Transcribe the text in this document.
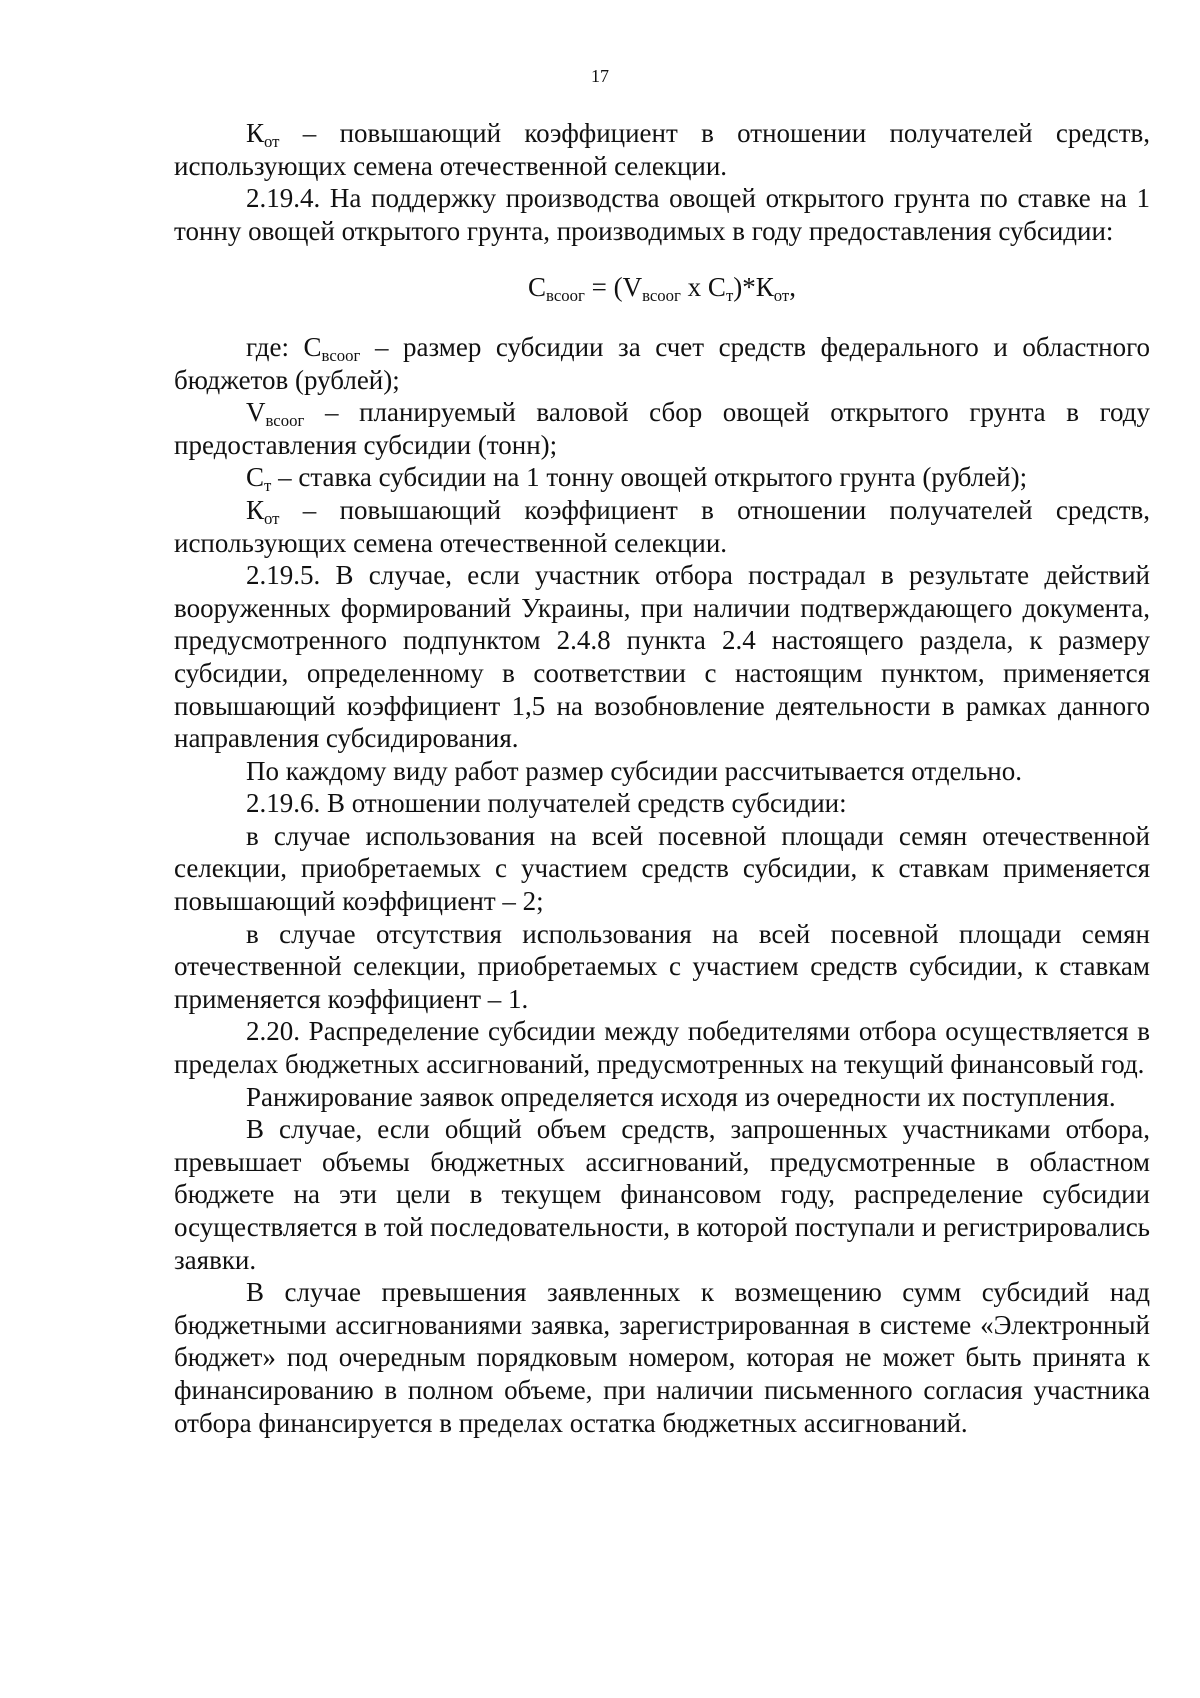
17

$К_{от}$ – повышающий коэффициент в отношении получателей средств, использующих семена отечественной селекции.

2.19.4. На поддержку производства овощей открытого грунта по ставке на 1 тонну овощей открытого грунта, производимых в году предоставления субсидии:

$С_{всоог} = (V_{всоог}$ х $С_т)*К_{от}$,

где: $С_{всоог}$ – размер субсидии за счет средств федерального и областного бюджетов (рублей);

$V_{всоог}$ – планируемый валовой сбор овощей открытого грунта в году предоставления субсидии (тонн);

$С_т$ – ставка субсидии на 1 тонну овощей открытого грунта (рублей);

$К_{от}$ – повышающий коэффициент в отношении получателей средств, использующих семена отечественной селекции.

2.19.5. В случае, если участник отбора пострадал в результате действий вооруженных формирований Украины, при наличии подтверждающего документа, предусмотренного подпунктом 2.4.8 пункта 2.4 настоящего раздела, к размеру субсидии, определенному в соответствии с настоящим пунктом, применяется повышающий коэффициент 1,5 на возобновление деятельности в рамках данного направления субсидирования.

По каждому виду работ размер субсидии рассчитывается отдельно.

2.19.6. В отношении получателей средств субсидии:

в случае использования на всей посевной площади семян отечественной селекции, приобретаемых с участием средств субсидии, к ставкам применяется повышающий коэффициент – 2;

в случае отсутствия использования на всей посевной площади семян отечественной селекции, приобретаемых с участием средств субсидии, к ставкам применяется коэффициент – 1.

2.20. Распределение субсидии между победителями отбора осуществляется в пределах бюджетных ассигнований, предусмотренных на текущий финансовый год.

Ранжирование заявок определяется исходя из очередности их поступления.

В случае, если общий объем средств, запрошенных участниками отбора, превышает объемы бюджетных ассигнований, предусмотренные в областном бюджете на эти цели в текущем финансовом году, распределение субсидии осуществляется в той последовательности, в которой поступали и регистрировались заявки.

В случае превышения заявленных к возмещению сумм субсидий над бюджетными ассигнованиями заявка, зарегистрированная в системе «Электронный бюджет» под очередным порядковым номером, которая не может быть принята к финансированию в полном объеме, при наличии письменного согласия участника отбора финансируется в пределах остатка бюджетных ассигнований.
